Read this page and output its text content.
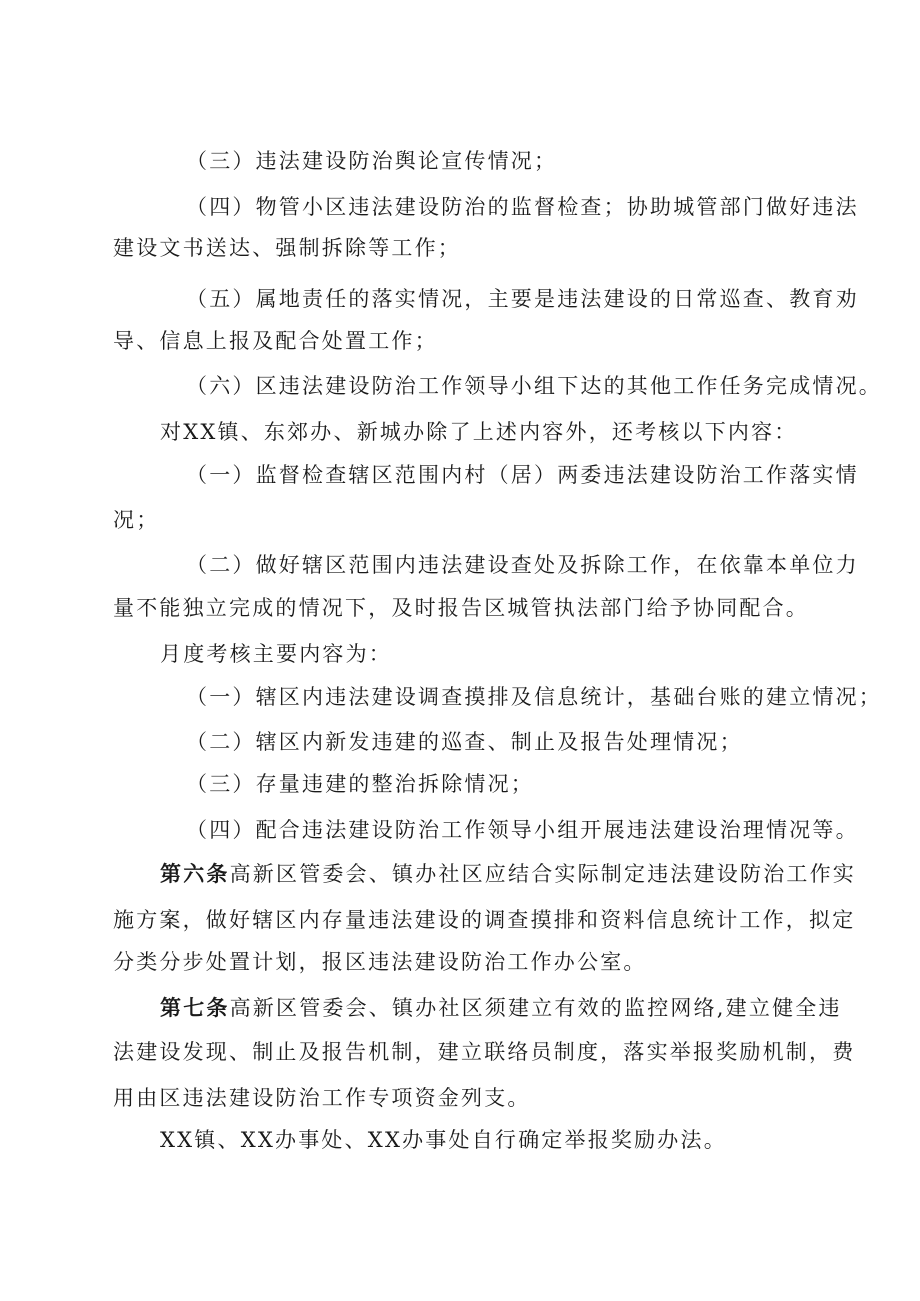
（三）违法建设防治舆论宣传情况；
（四）物管小区违法建设防治的监督检查；协助城管部门做好违法
建设文书送达、强制拆除等工作；
（五）属地责任的落实情况，主要是违法建设的日常巡查、教育劝
导、信息上报及配合处置工作；
（六）区违法建设防治工作领导小组下达的其他工作任务完成情况。
对XX镇、东郊办、新城办除了上述内容外，还考核以下内容：
（一）监督检查辖区范围内村（居）两委违法建设防治工作落实情
况；
（二）做好辖区范围内违法建设查处及拆除工作，在依靠本单位力
量不能独立完成的情况下，及时报告区城管执法部门给予协同配合。
月度考核主要内容为：
（一）辖区内违法建设调查摸排及信息统计，基础台账的建立情况；
（二）辖区内新发违建的巡查、制止及报告处理情况；
（三）存量违建的整治拆除情况；
（四）配合违法建设防治工作领导小组开展违法建设治理情况等。
第六条高新区管委会、镇办社区应结合实际制定违法建设防治工作实
施方案，做好辖区内存量违法建设的调查摸排和资料信息统计工作，拟定
分类分步处置计划，报区违法建设防治工作办公室。
第七条高新区管委会、镇办社区须建立有效的监控网络,建立健全违
法建设发现、制止及报告机制，建立联络员制度，落实举报奖励机制，费
用由区违法建设防治工作专项资金列支。
XX镇、XX办事处、XX办事处自行确定举报奖励办法。
